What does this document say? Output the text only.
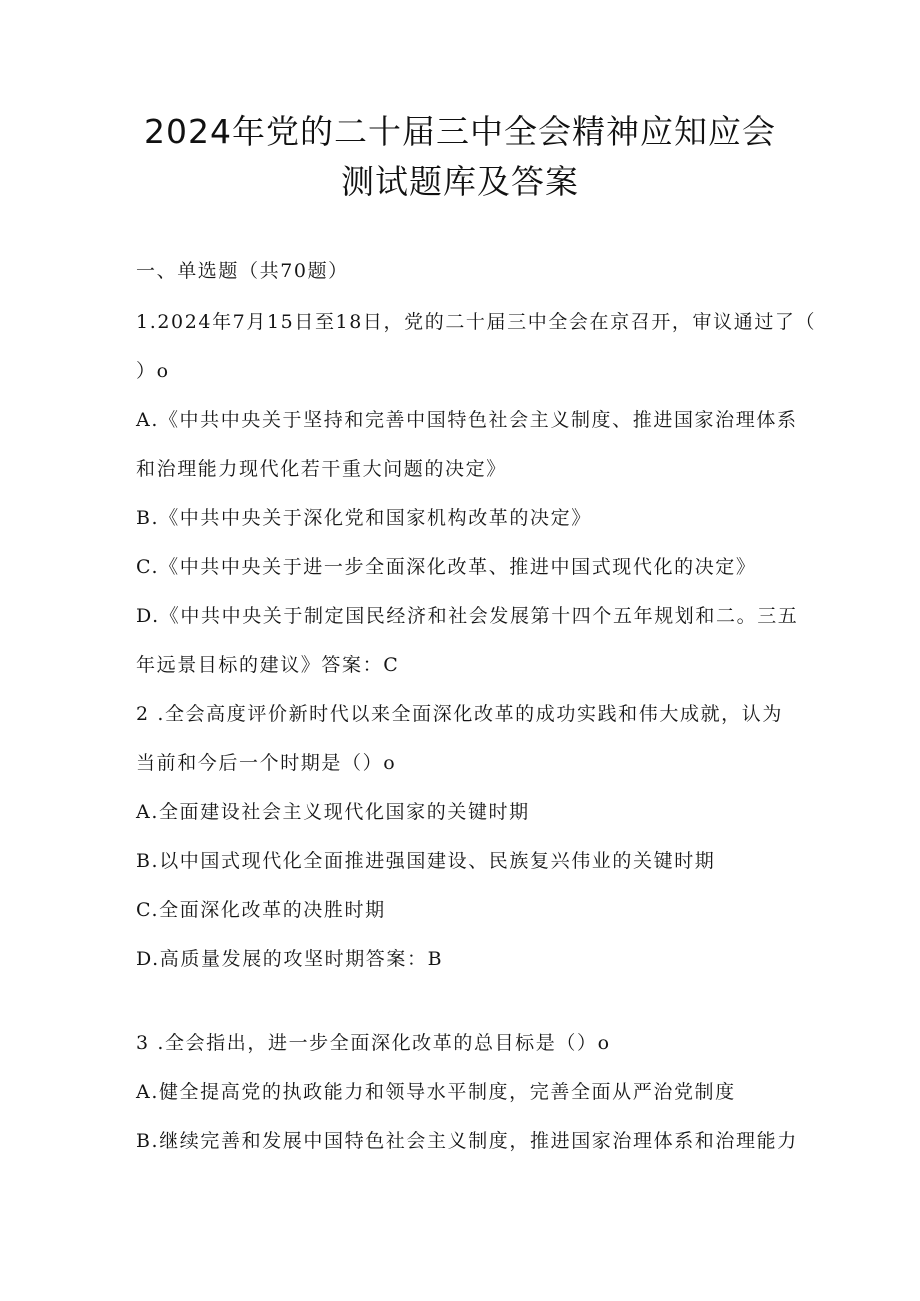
2024年党的二十届三中全会精神应知应会
测试题库及答案
一、单选题（共70题）
1.2024年7月15日至18日，党的二十届三中全会在京召开，审议通过了（
）o
A.《中共中央关于坚持和完善中国特色社会主义制度、推进国家治理体系
和治理能力现代化若干重大问题的决定》
B.《中共中央关于深化党和国家机构改革的决定》
C.《中共中央关于进一步全面深化改革、推进中国式现代化的决定》
D.《中共中央关于制定国民经济和社会发展第十四个五年规划和二。三五
年远景目标的建议》答案：C
2 .全会高度评价新时代以来全面深化改革的成功实践和伟大成就，认为
当前和今后一个时期是（）o
A.全面建设社会主义现代化国家的关键时期
B.以中国式现代化全面推进强国建设、民族复兴伟业的关键时期
C.全面深化改革的决胜时期
D.高质量发展的攻坚时期答案：B
3 .全会指出，进一步全面深化改革的总目标是（）o
A.健全提高党的执政能力和领导水平制度，完善全面从严治党制度
B.继续完善和发展中国特色社会主义制度，推进国家治理体系和治理能力
